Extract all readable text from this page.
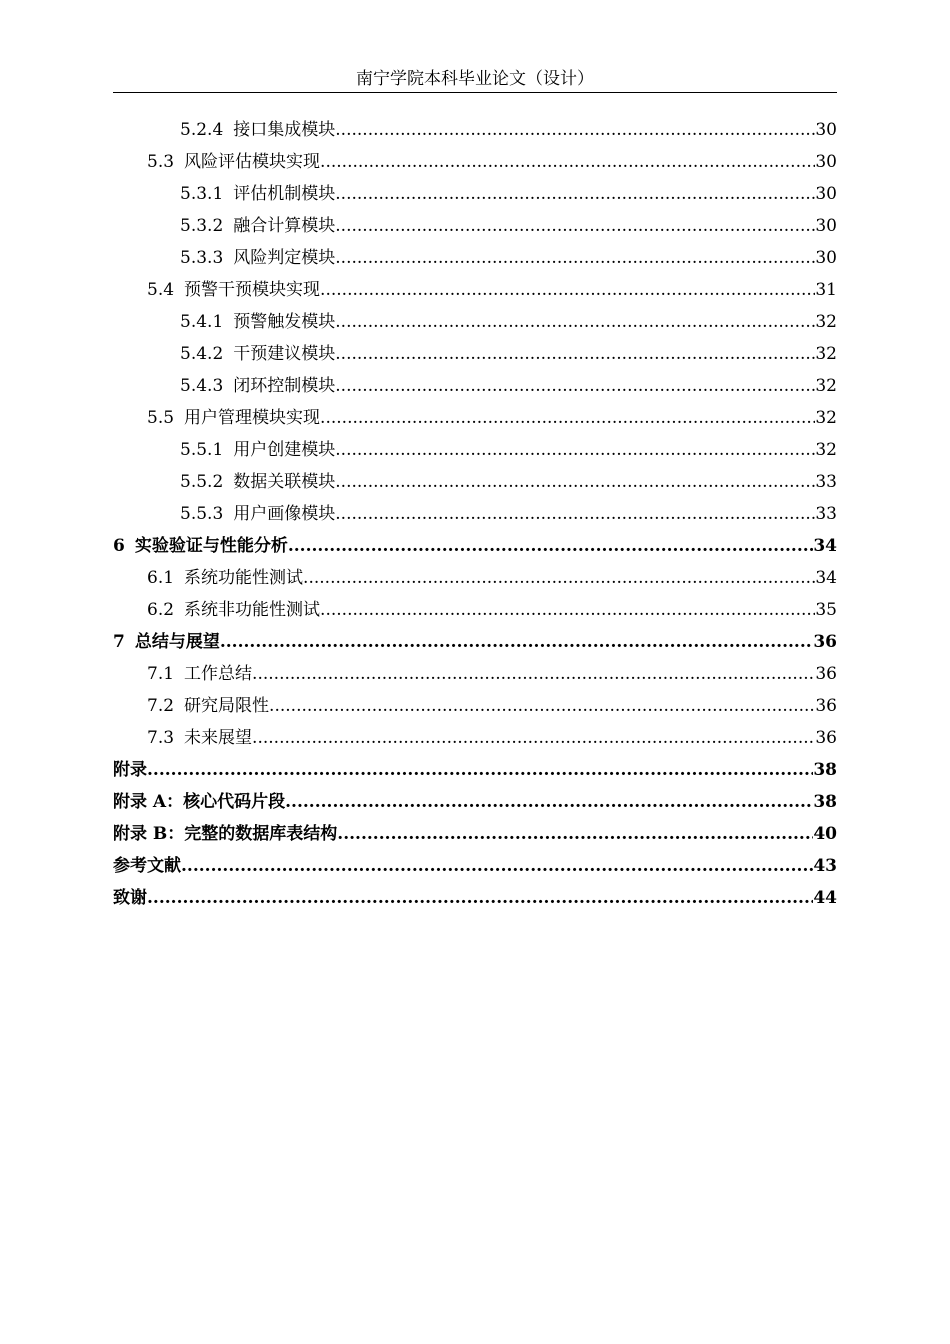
南宁学院本科毕业论文（设计）
5.2.4 接口集成模块 .....	30
5.3 风险评估模块实现 .....	30
5.3.1 评估机制模块 .....	30
5.3.2 融合计算模块 .....	30
5.3.3 风险判定模块 .....	30
5.4 预警干预模块实现 .....	31
5.4.1 预警触发模块 .....	32
5.4.2 干预建议模块 .....	32
5.4.3 闭环控制模块 .....	32
5.5 用户管理模块实现 .....	32
5.5.1 用户创建模块 .....	32
5.5.2 数据关联模块 .....	33
5.5.3 用户画像模块 .....	33
6 实验验证与性能分析 .....	34
6.1 系统功能性测试 .....	34
6.2 系统非功能性测试 .....	35
7 总结与展望 .....	36
7.1 工作总结 .....	36
7.2 研究局限性 .....	36
7.3 未来展望 .....	36
附录 .....	38
附录 A：核心代码片段 .....	38
附录 B：完整的数据库表结构 .....	40
参考文献 .....	43
致谢 .....	44
